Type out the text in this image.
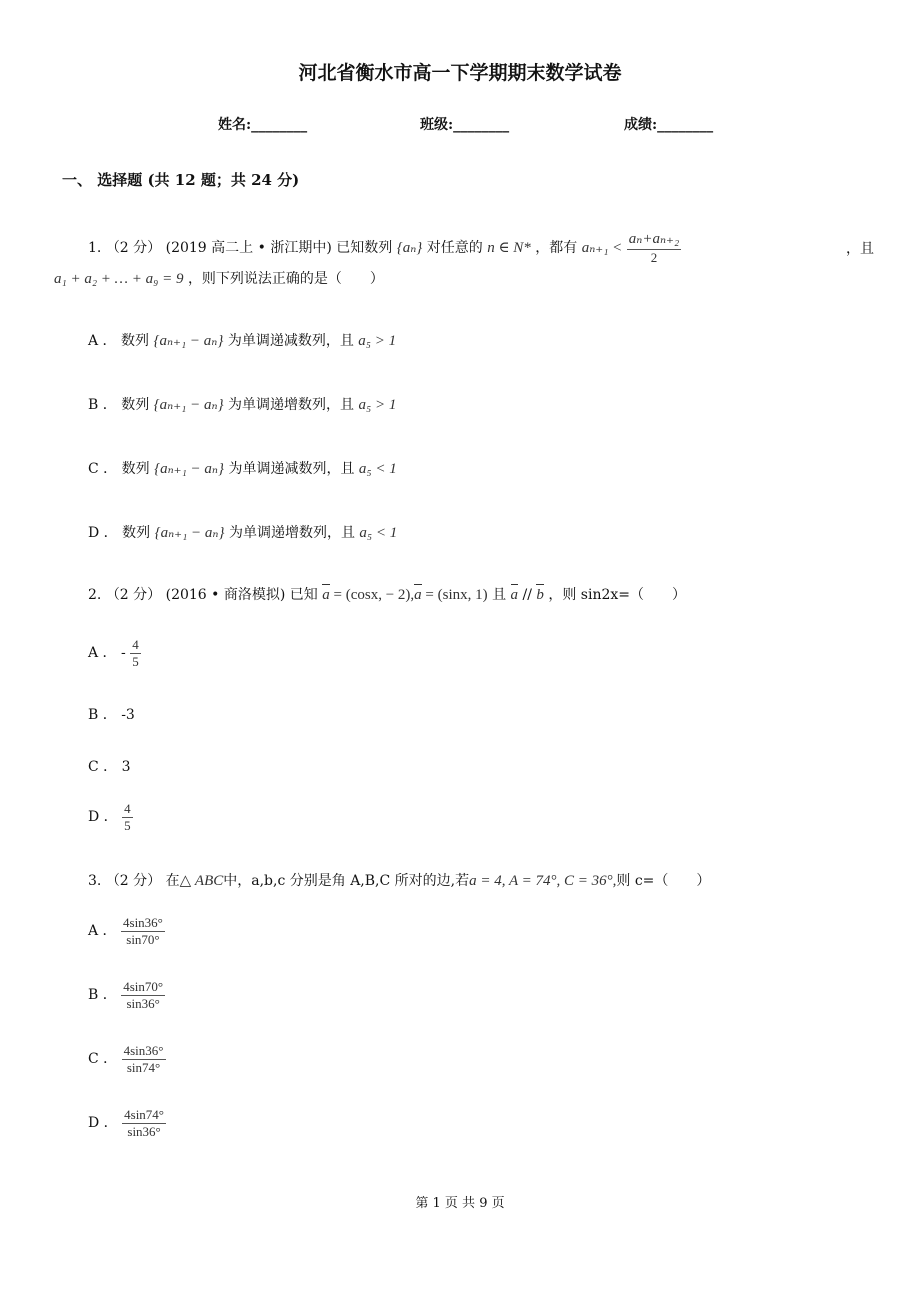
河北省衡水市高一下学期期末数学试卷
姓名:________	班级:________	成绩:________
一、 选择题 (共 12 题；共 24 分)
1. （2 分） (2019 高二上 • 浙江期中) 已知数列 {aₙ} 对任意的 n ∈ N* ，都有 $a_{n+1} < \frac{\text{aₙ+aₙ₊₂}}{2}$	，且
a₁ + a₂ + … + a₉ = 9 ，则下列说法正确的是（　　）
A ． 数列 {aₙ₊₁ − aₙ} 为单调递减数列，且 a₅ > 1
B ． 数列 {aₙ₊₁ − aₙ} 为单调递增数列，且 a₅ > 1
C ． 数列 {aₙ₊₁ − aₙ} 为单调递减数列，且 a₅ < 1
D ． 数列 {aₙ₊₁ − aₙ} 为单调递增数列，且 a₅ < 1
2. （2 分） (2016 • 商洛模拟) 已知 a = (cosx, − 2),a = (sinx, 1) 且 a // b ，则 sin2x=（　　）
A ． - $\frac{4}{5}$
B ． -3
C ． 3
D ． $\frac{4}{5}$
3. （2 分） 在△ ABC中，a,b,c 分别是角 A,B,C 所对的边,若a = 4, A = 74°, C = 36°,则 c=（　　）
A ． $\frac{4\sin 36^\circ}{\sin 70^\circ}$
B ． $\frac{4\sin 70^\circ}{\sin 36^\circ}$
C ． $\frac{4\sin 36^\circ}{\sin 74^\circ}$
D ． $\frac{4\sin 74^\circ}{\sin 36^\circ}$
第 1 页 共 9 页
